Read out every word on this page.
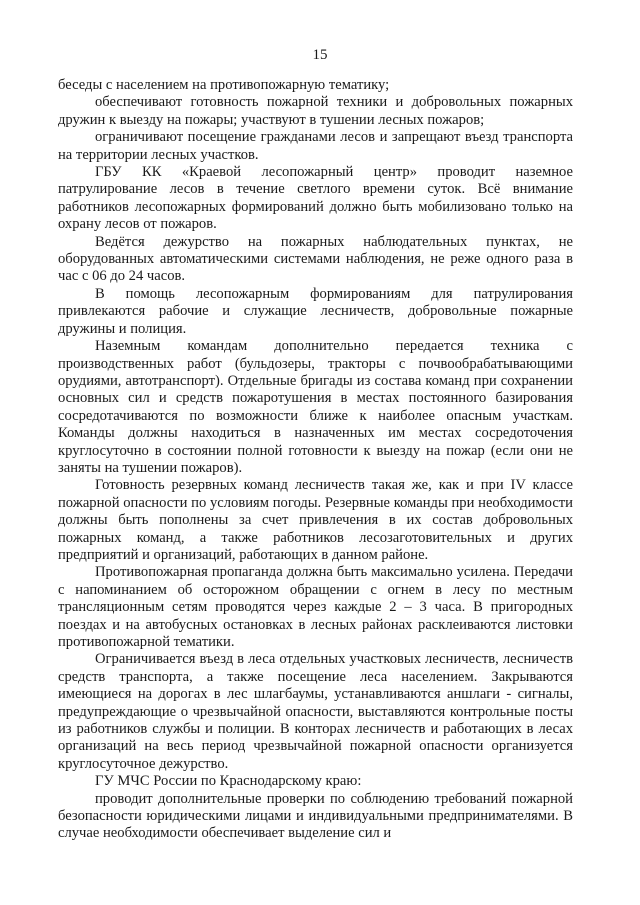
15

беседы с населением на противопожарную тематику;

обеспечивают готовность пожарной техники и добровольных пожарных дружин к выезду на пожары; участвуют в тушении лесных пожаров;

ограничивают посещение гражданами лесов и запрещают въезд транспорта на территории лесных участков.

ГБУ КК «Краевой лесопожарный центр» проводит наземное патрулирование лесов в течение светлого времени суток. Всё внимание работников лесопожарных формирований должно быть мобилизовано только на охрану лесов от пожаров.

Ведётся дежурство на пожарных наблюдательных пунктах, не оборудованных автоматическими системами наблюдения, не реже одного раза в час с 06 до 24 часов.

В помощь лесопожарным формированиям для патрулирования привлекаются рабочие и служащие лесничеств, добровольные пожарные дружины и полиция.

Наземным командам дополнительно передается техника с производственных работ (бульдозеры, тракторы с почвообрабатывающими орудиями, автотранспорт). Отдельные бригады из состава команд при сохранении основных сил и средств пожаротушения в местах постоянного базирования сосредотачиваются по возможности ближе к наиболее опасным участкам. Команды должны находиться в назначенных им местах сосредоточения круглосуточно в состоянии полной готовности к выезду на пожар (если они не заняты на тушении пожаров).

Готовность резервных команд лесничеств такая же, как и при IV классе пожарной опасности по условиям погоды. Резервные команды при необходимости должны быть пополнены за счет привлечения в их состав добровольных пожарных команд, а также работников лесозаготовительных и других предприятий и организаций, работающих в данном районе.

Противопожарная пропаганда должна быть максимально усилена. Передачи с напоминанием об осторожном обращении с огнем в лесу по местным трансляционным сетям проводятся через каждые 2 – 3 часа. В пригородных поездах и на автобусных остановках в лесных районах расклеиваются листовки противопожарной тематики.

Ограничивается въезд в леса отдельных участковых лесничеств, лесничеств средств транспорта, а также посещение леса населением. Закрываются имеющиеся на дорогах в лес шлагбаумы, устанавливаются аншлаги - сигналы, предупреждающие о чрезвычайной опасности, выставляются контрольные посты из работников службы и полиции. В конторах лесничеств и работающих в лесах организаций на весь период чрезвычайной пожарной опасности организуется круглосуточное дежурство.

ГУ МЧС России по Краснодарскому краю:

проводит дополнительные проверки по соблюдению требований пожарной безопасности юридическими лицами и индивидуальными предпринимателями. В случае необходимости обеспечивает выделение сил и
